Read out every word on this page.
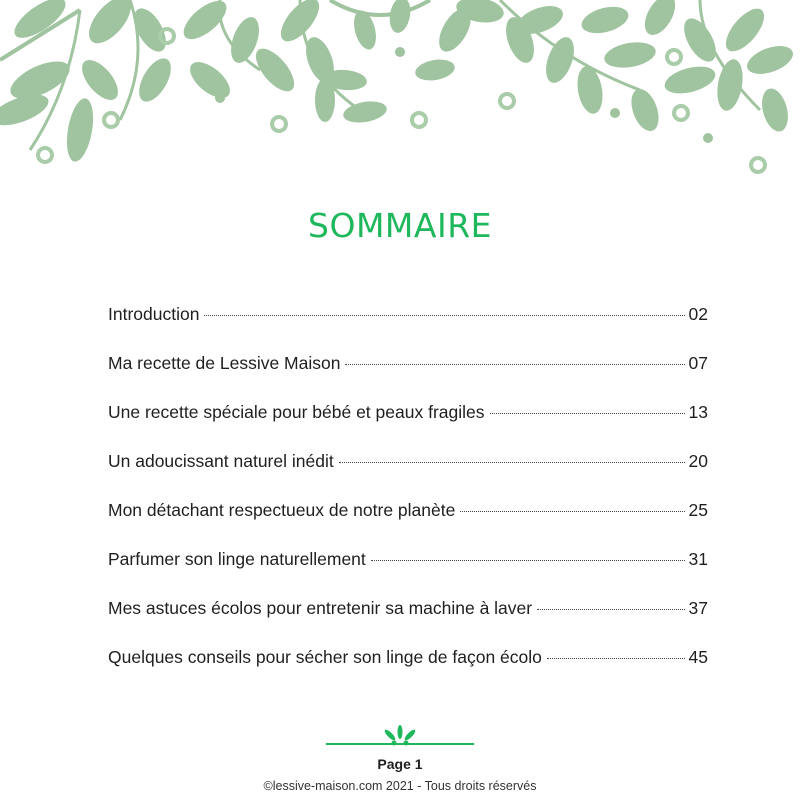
SOMMAIRE
Introduction	02
Ma recette de Lessive Maison	07
Une recette spéciale pour bébé et peaux fragiles	13
Un adoucissant naturel inédit	20
Mon détachant respectueux de notre planète	25
Parfumer son linge naturellement	31
Mes astuces écolos pour entretenir sa machine à laver	37
Quelques conseils pour sécher son linge de façon écolo	45
Page 1
©lessive-maison.com 2021 - Tous droits réservés
